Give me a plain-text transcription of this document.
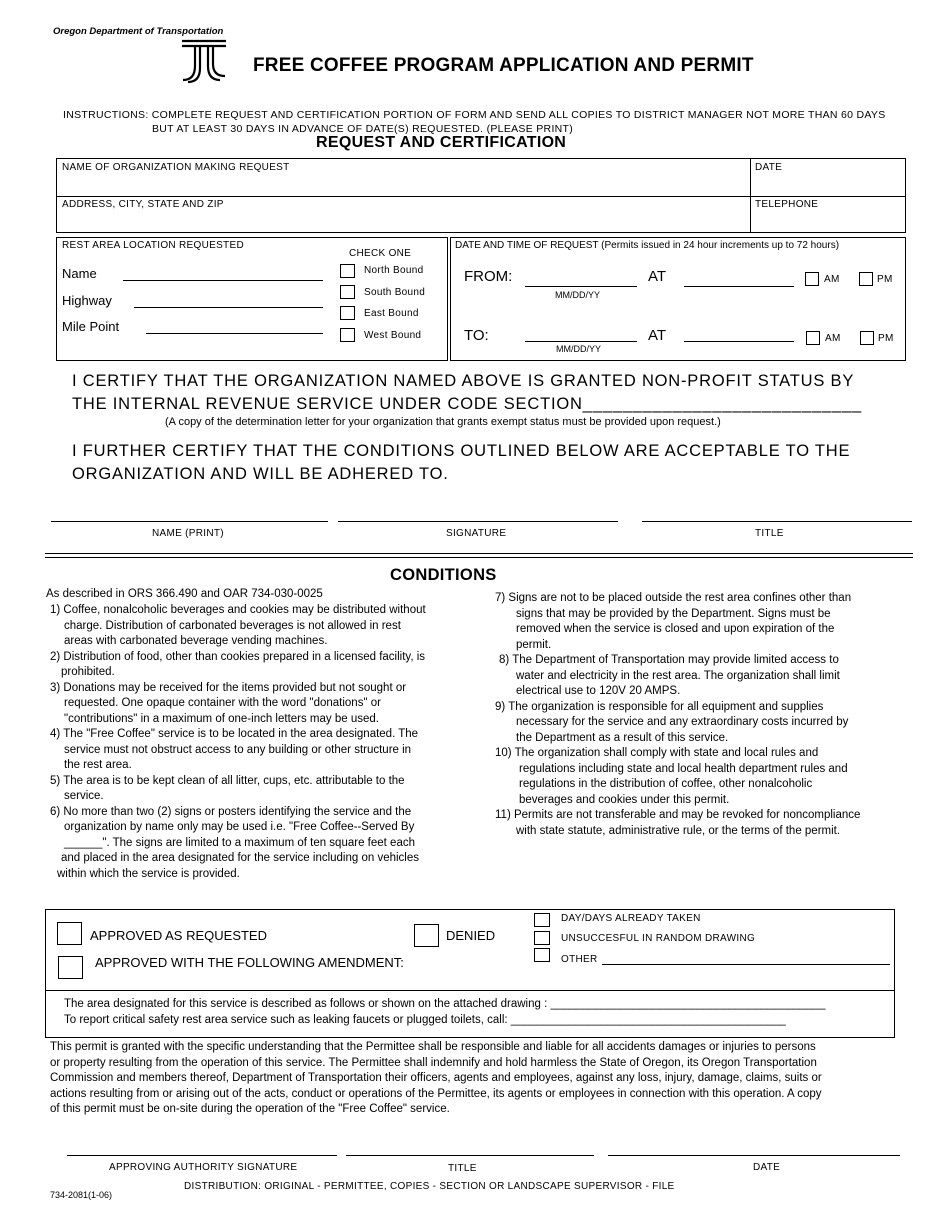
Oregon Department of Transportation
FREE COFFEE PROGRAM APPLICATION AND PERMIT
INSTRUCTIONS: COMPLETE REQUEST AND CERTIFICATION PORTION OF FORM AND SEND ALL COPIES TO DISTRICT MANAGER NOT MORE THAN 60 DAYS
BUT AT LEAST 30 DAYS IN ADVANCE OF DATE(S) REQUESTED. (PLEASE PRINT)
REQUEST AND CERTIFICATION
NAME OF ORGANIZATION MAKING REQUEST	DATE
ADDRESS, CITY, STATE AND ZIP	TELEPHONE
REST AREA LOCATION REQUESTED
Name
Highway
Mile Point
CHECK ONE
North Bound
South Bound
East Bound
West Bound
DATE AND TIME OF REQUEST (Permits issued in 24 hour increments up to 72 hours)
FROM:
MM/DD/YY
AT	AM	PM
TO:
MM/DD/YY
AT	AM	PM
I CERTIFY THAT THE ORGANIZATION NAMED ABOVE IS GRANTED NON-PROFIT STATUS BY
THE INTERNAL REVENUE SERVICE UNDER CODE SECTION____________________________
(A copy of the determination letter for your organization that grants exempt status must be provided upon request.)
I FURTHER CERTIFY THAT THE CONDITIONS OUTLINED BELOW ARE ACCEPTABLE TO THE
ORGANIZATION AND WILL BE ADHERED TO.
NAME (PRINT)	SIGNATURE	TITLE
CONDITIONS
As described in ORS 366.490 and OAR 734-030-0025

1) Coffee, nonalcoholic beverages and cookies may be distributed without

charge. Distribution of carbonated beverages is not allowed in rest

areas with carbonated beverage vending machines.

2) Distribution of food, other than cookies prepared in a licensed facility, is

prohibited.

3) Donations may be received for the items provided but not sought or

requested. One opaque container with the word "donations" or

"contributions" in a maximum of one-inch letters may be used.

4) The "Free Coffee" service is to be located in the area designated. The

service must not obstruct access to any building or other structure in

the rest area.

5) The area is to be kept clean of all litter, cups, etc. attributable to the

service.

6) No more than two (2) signs or posters identifying the service and the

organization by name only may be used i.e. "Free Coffee--Served By

______". The signs are limited to a maximum of ten square feet each

and placed in the area designated for the service including on vehicles

within which the service is provided.

7) Signs are not to be placed outside the rest area confines other than

signs that may be provided by the Department. Signs must be

removed when the service is closed and upon expiration of the

permit.

8) The Department of Transportation may provide limited access to

water and electricity in the rest area. The organization shall limit

electrical use to 120V 20 AMPS.

9) The organization is responsible for all equipment and supplies

necessary for the service and any extraordinary costs incurred by

the Department as a result of this service.

10) The organization shall comply with state and local rules and

regulations including state and local health department rules and

regulations in the distribution of coffee, other nonalcoholic

beverages and cookies under this permit.

11) Permits are not transferable and may be revoked for noncompliance

with state statute, administrative rule, or the terms of the permit.

APPROVED AS REQUESTED	DENIED
APPROVED WITH THE FOLLOWING AMENDMENT:
DAY/DAYS ALREADY TAKEN
UNSUCCESFUL IN RANDOM DRAWING
OTHER
The area designated for this service is described as follows or shown on the attached drawing : ___________________________________________
To report critical safety rest area service such as leaking faucets or plugged toilets, call: ___________________________________________
This permit is granted with the specific understanding that the Permittee shall be responsible and liable for all accidents damages or injuries to persons
or property resulting from the operation of this service. The Permittee shall indemnify and hold harmless the State of Oregon, its Oregon Transportation
Commission and members thereof, Department of Transportation their officers, agents and employees, against any loss, injury, damage, claims, suits or
actions resulting from or arising out of the acts, conduct or operations of the Permittee, its agents or employees in connection with this operation. A copy
of this permit must be on-site during the operation of the "Free Coffee" service.
APPROVING AUTHORITY SIGNATURE	TITLE	DATE
DISTRIBUTION: ORIGINAL - PERMITTEE, COPIES - SECTION OR LANDSCAPE SUPERVISOR - FILE
734-2081(1-06)
